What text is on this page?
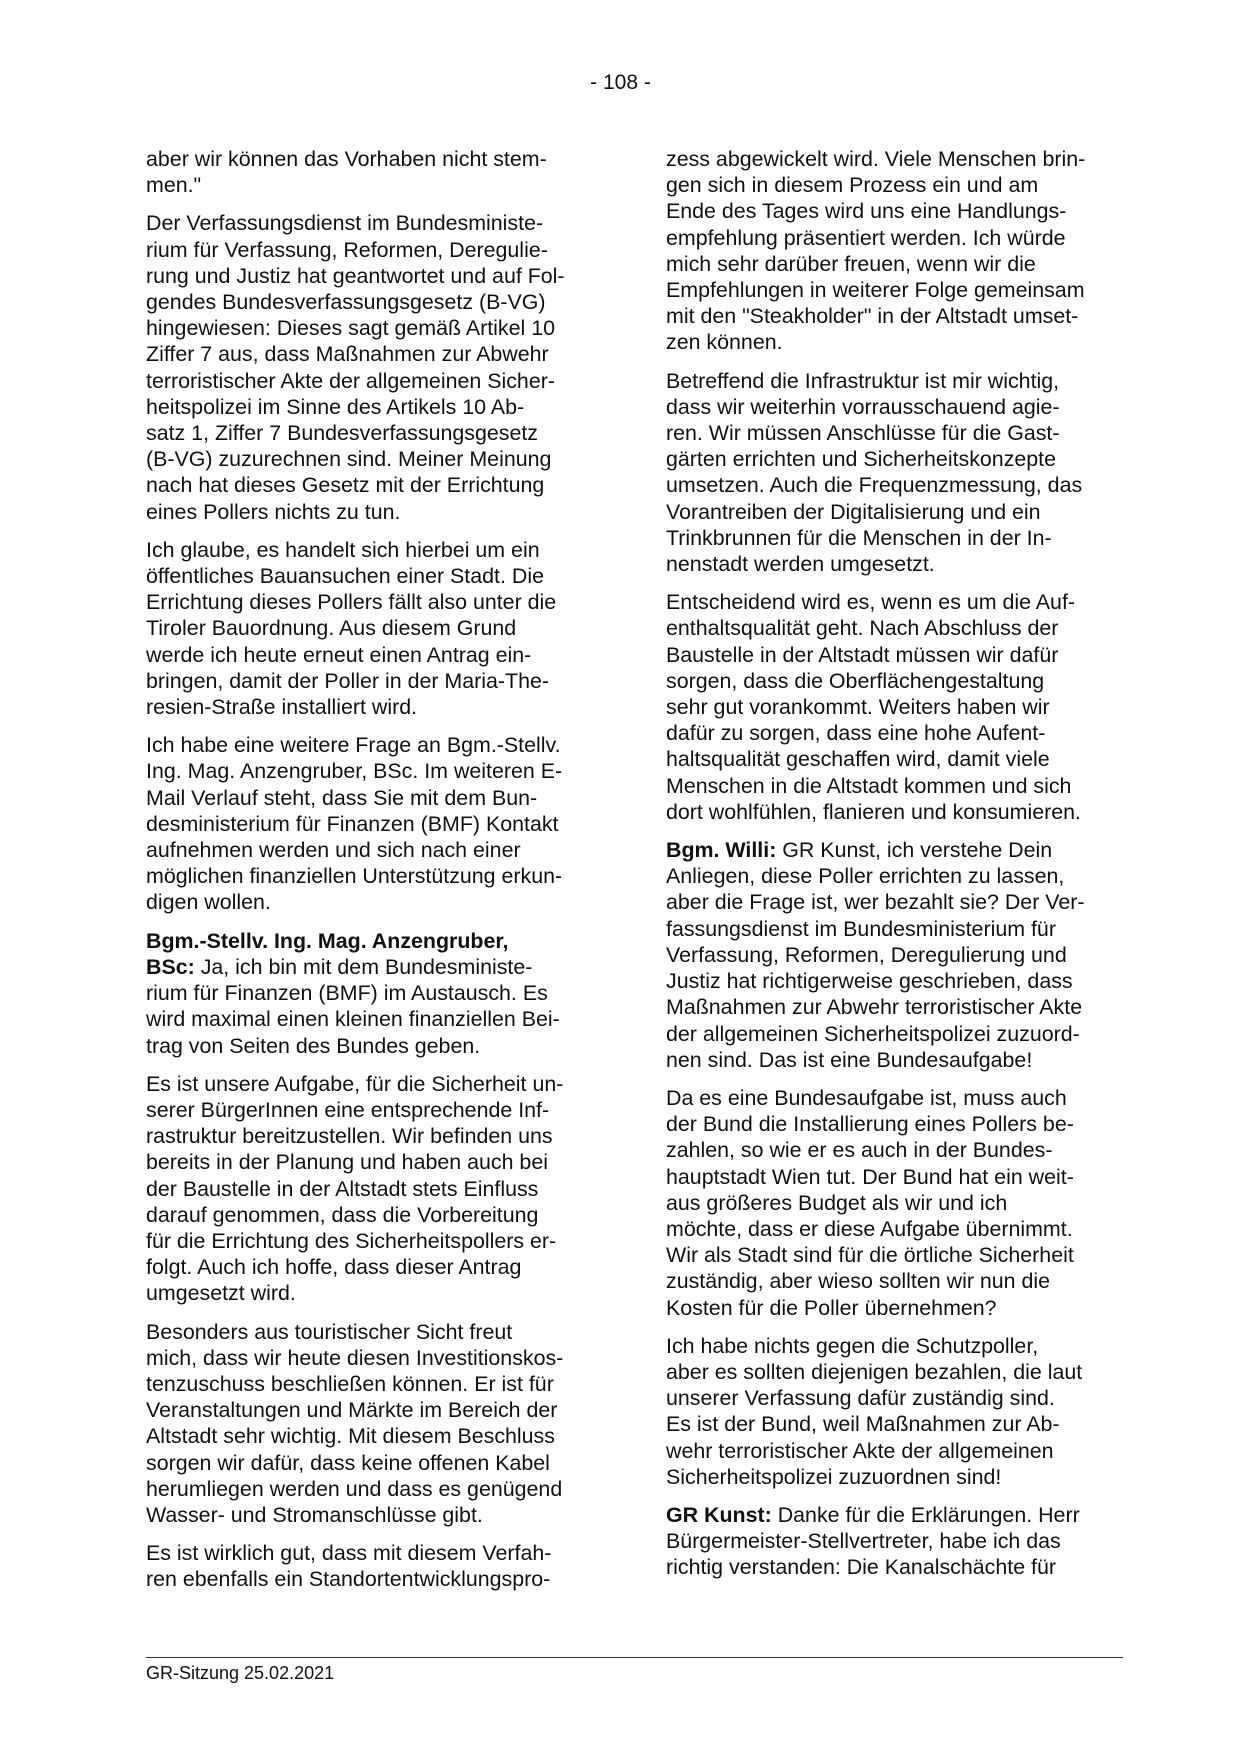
- 108 -

aber wir können das Vorhaben nicht stem-
men."

Der Verfassungsdienst im Bundesministe-
rium für Verfassung, Reformen, Deregulie-
rung und Justiz hat geantwortet und auf Fol-
gendes Bundesverfassungsgesetz (B-VG)
hingewiesen: Dieses sagt gemäß Artikel 10
Ziffer 7 aus, dass Maßnahmen zur Abwehr
terroristischer Akte der allgemeinen Sicher-
heitspolizei im Sinne des Artikels 10 Ab-
satz 1, Ziffer 7 Bundesverfassungsgesetz
(B-VG) zuzurechnen sind. Meiner Meinung
nach hat dieses Gesetz mit der Errichtung
eines Pollers nichts zu tun.

Ich glaube, es handelt sich hierbei um ein
öffentliches Bauansuchen einer Stadt. Die
Errichtung dieses Pollers fällt also unter die
Tiroler Bauordnung. Aus diesem Grund
werde ich heute erneut einen Antrag ein-
bringen, damit der Poller in der Maria-The-
resien-Straße installiert wird.

Ich habe eine weitere Frage an Bgm.-Stellv.
Ing. Mag. Anzengruber, BSc. Im weiteren E-
Mail Verlauf steht, dass Sie mit dem Bun-
desministerium für Finanzen (BMF) Kontakt
aufnehmen werden und sich nach einer
möglichen finanziellen Unterstützung erkun-
digen wollen.

Bgm.-Stellv. Ing. Mag. Anzengruber,
BSc: Ja, ich bin mit dem Bundesministe-
rium für Finanzen (BMF) im Austausch. Es
wird maximal einen kleinen finanziellen Bei-
trag von Seiten des Bundes geben.

Es ist unsere Aufgabe, für die Sicherheit un-
serer BürgerInnen eine entsprechende Inf-
rastruktur bereitzustellen. Wir befinden uns
bereits in der Planung und haben auch bei
der Baustelle in der Altstadt stets Einfluss
darauf genommen, dass die Vorbereitung
für die Errichtung des Sicherheitspollers er-
folgt. Auch ich hoffe, dass dieser Antrag
umgesetzt wird.

Besonders aus touristischer Sicht freut
mich, dass wir heute diesen Investitionskos-
tenzuschuss beschließen können. Er ist für
Veranstaltungen und Märkte im Bereich der
Altstadt sehr wichtig. Mit diesem Beschluss
sorgen wir dafür, dass keine offenen Kabel
herumliegen werden und dass es genügend
Wasser- und Stromanschlüsse gibt.

Es ist wirklich gut, dass mit diesem Verfah-
ren ebenfalls ein Standortentwicklungspro-

zess abgewickelt wird. Viele Menschen brin-
gen sich in diesem Prozess ein und am
Ende des Tages wird uns eine Handlungs-
empfehlung präsentiert werden. Ich würde
mich sehr darüber freuen, wenn wir die
Empfehlungen in weiterer Folge gemeinsam
mit den "Steakholder" in der Altstadt umset-
zen können.

Betreffend die Infrastruktur ist mir wichtig,
dass wir weiterhin vorrausschauend agie-
ren. Wir müssen Anschlüsse für die Gast-
gärten errichten und Sicherheitskonzepte
umsetzen. Auch die Frequenzmessung, das
Vorantreiben der Digitalisierung und ein
Trinkbrunnen für die Menschen in der In-
nenstadt werden umgesetzt.

Entscheidend wird es, wenn es um die Auf-
enthaltsqualität geht. Nach Abschluss der
Baustelle in der Altstadt müssen wir dafür
sorgen, dass die Oberflächengestaltung
sehr gut vorankommt. Weiters haben wir
dafür zu sorgen, dass eine hohe Aufent-
haltsqualität geschaffen wird, damit viele
Menschen in die Altstadt kommen und sich
dort wohlfühlen, flanieren und konsumieren.

Bgm. Willi: GR Kunst, ich verstehe Dein
Anliegen, diese Poller errichten zu lassen,
aber die Frage ist, wer bezahlt sie? Der Ver-
fassungsdienst im Bundesministerium für
Verfassung, Reformen, Deregulierung und
Justiz hat richtigerweise geschrieben, dass
Maßnahmen zur Abwehr terroristischer Akte
der allgemeinen Sicherheitspolizei zuzuord-
nen sind. Das ist eine Bundesaufgabe!

Da es eine Bundesaufgabe ist, muss auch
der Bund die Installierung eines Pollers be-
zahlen, so wie er es auch in der Bundes-
hauptstadt Wien tut. Der Bund hat ein weit-
aus größeres Budget als wir und ich
möchte, dass er diese Aufgabe übernimmt.
Wir als Stadt sind für die örtliche Sicherheit
zuständig, aber wieso sollten wir nun die
Kosten für die Poller übernehmen?

Ich habe nichts gegen die Schutzpoller,
aber es sollten diejenigen bezahlen, die laut
unserer Verfassung dafür zuständig sind.
Es ist der Bund, weil Maßnahmen zur Ab-
wehr terroristischer Akte der allgemeinen
Sicherheitspolizei zuzuordnen sind!

GR Kunst: Danke für die Erklärungen. Herr
Bürgermeister-Stellvertreter, habe ich das
richtig verstanden: Die Kanalschächte für

GR-Sitzung 25.02.2021
